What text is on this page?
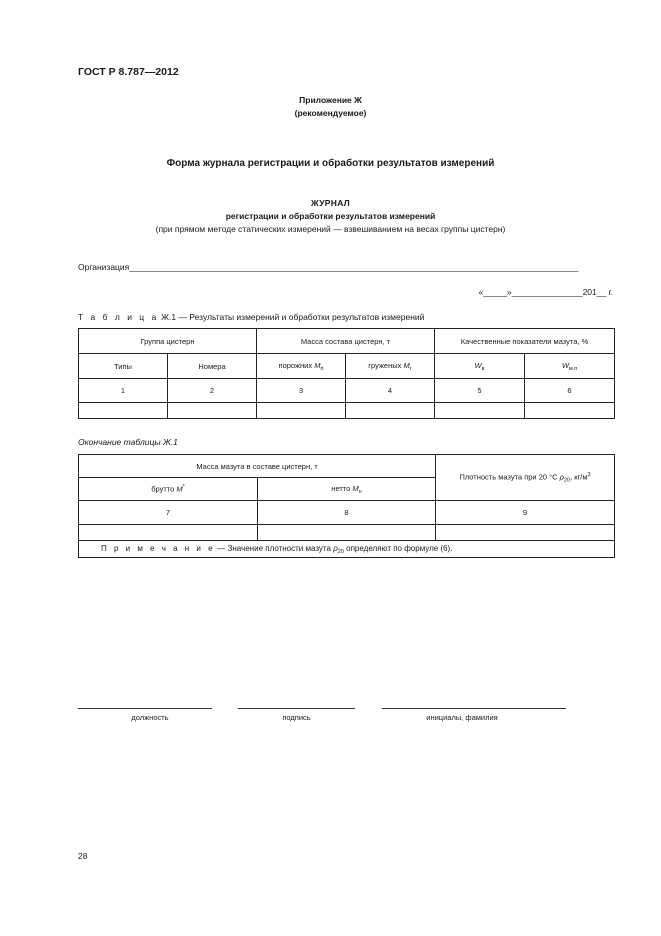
ГОСТ Р 8.787—2012
Приложение Ж
(рекомендуемое)
Форма журнала регистрации и обработки результатов измерений
ЖУРНАЛ
регистрации и обработки результатов измерений
(при прямом методе статических измерений — взвешиванием на весах группы цистерн)
Организация_______________________________________________________________________________________________
«_____»_______________201__ г.
Т а б л и ц а Ж.1 — Результаты измерений и обработки результатов измерений
Группа цистерн		Масса состава цистерн, т		Качественные показатели мазута, %	
Типы	Номера	порожних $M_п$	груженых $M_г$	$W_в$	$W_{м.п}$
1	2	3	4	5	6

Окончание таблицы Ж.1
Масса мазута в составе цистерн, т		Плотность мазута при 20 °С $\rho_{20}$, $кг/м^3$
брутто M*	нетто $M_н$
7	8	9

П р и м е ч а н и е — Значение плотности мазута $\rho_{20}$ определяют по формуле (6).		
должность	подпись	инициалы, фамилия
28
